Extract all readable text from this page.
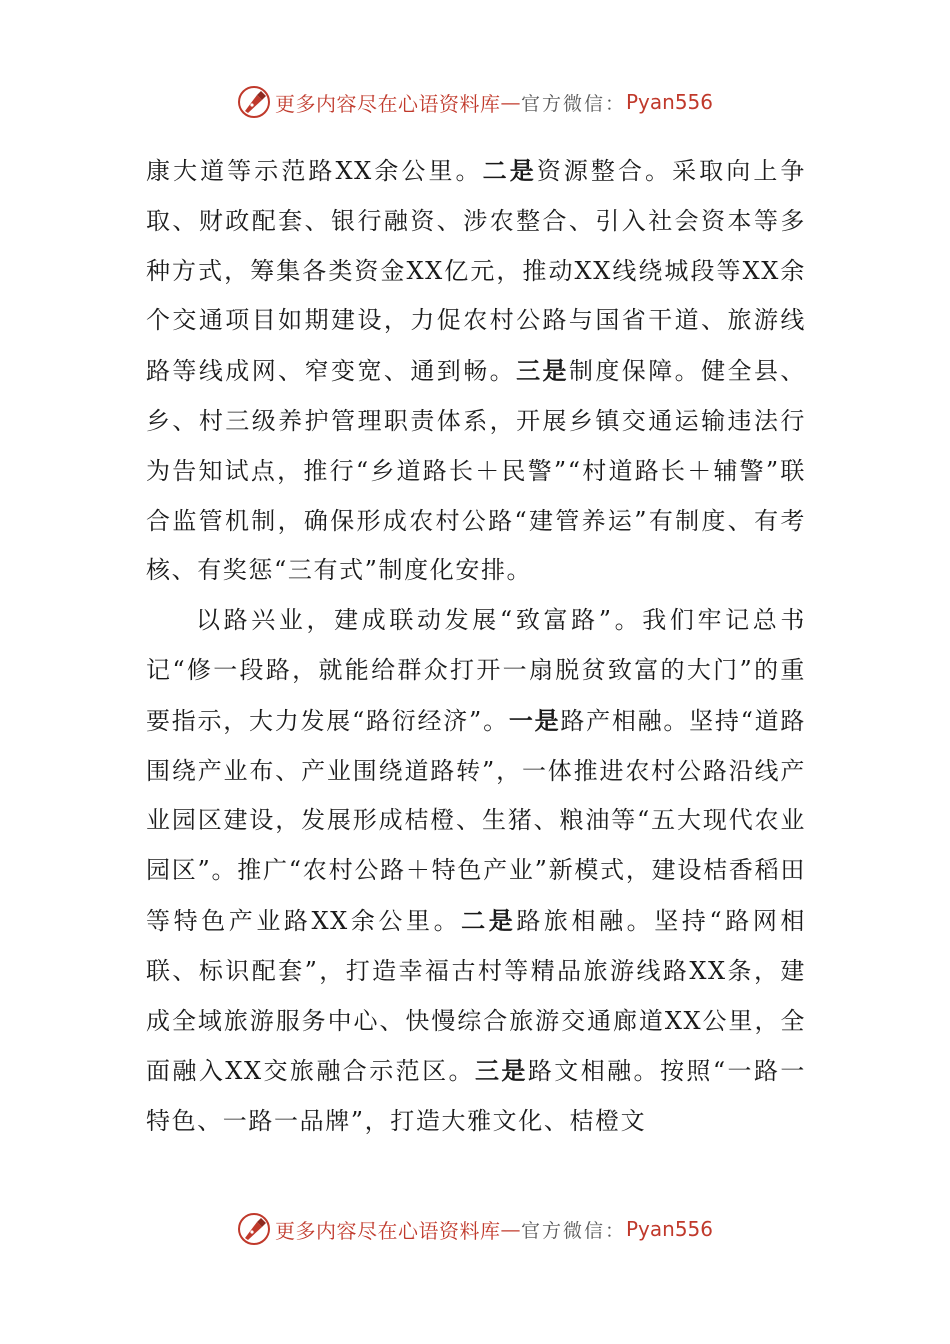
更多内容尽在心语资料库 — 官方微信： Pyan556

康大道等示范路XX余公里。二是资源整合。采取向上争取、财政配套、银行融资、涉农整合、引入社会资本等多种方式，筹集各类资金XX亿元，推动XX线绕城段等XX余个交通项目如期建设，力促农村公路与国省干道、旅游线路等线成网、窄变宽、通到畅。三是制度保障。健全县、乡、村三级养护管理职责体系，开展乡镇交通运输违法行为告知试点，推行“乡道路长＋民警”“村道路长＋辅警”联合监管机制，确保形成农村公路“建管养运”有制度、有考核、有奖惩“三有式”制度化安排。

以路兴业，建成联动发展“致富路”。我们牢记总书记“修一段路，就能给群众打开一扇脱贫致富的大门”的重要指示，大力发展“路衍经济”。一是路产相融。坚持“道路围绕产业布、产业围绕道路转”，一体推进农村公路沿线产业园区建设，发展形成桔橙、生猪、粮油等“五大现代农业园区”。推广“农村公路＋特色产业”新模式，建设桔香稻田等特色产业路XX余公里。二是路旅相融。坚持“路网相联、标识配套”，打造幸福古村等精品旅游线路XX条，建成全域旅游服务中心、快慢综合旅游交通廊道XX公里，全面融入XX交旅融合示范区。三是路文相融。按照“一路一特色、一路一品牌”，打造大雅文化、桔橙文

更多内容尽在心语资料库 — 官方微信： Pyan556
